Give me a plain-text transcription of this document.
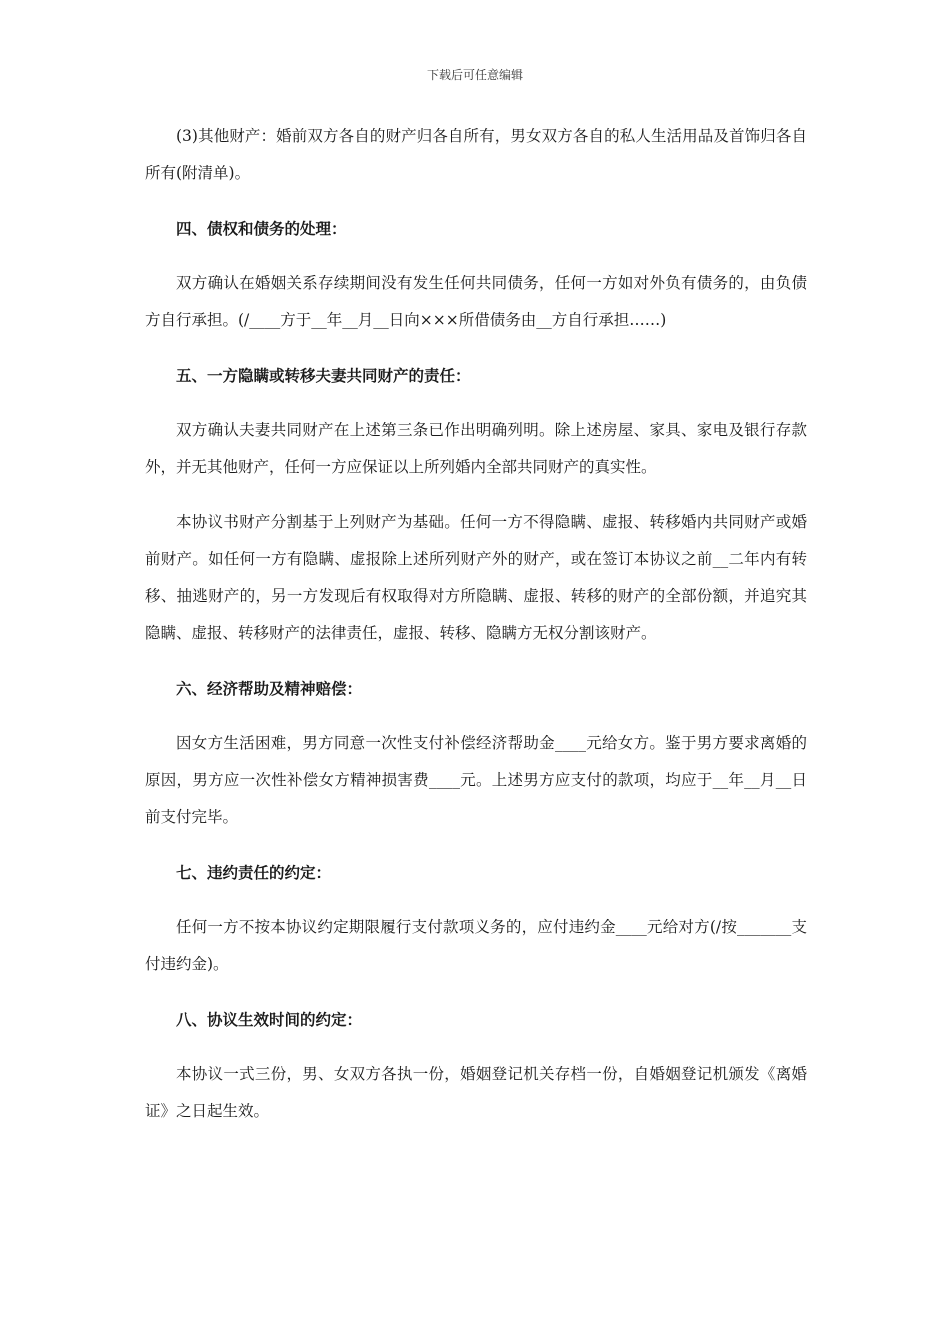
下载后可任意编辑

(3)其他财产：婚前双方各自的财产归各自所有，男女双方各自的私人生活用品及首饰归各自所有(附清单)。

四、债权和债务的处理：

双方确认在婚姻关系存续期间没有发生任何共同债务，任何一方如对外负有债务的，由负债方自行承担。(/____方于__年__月__日向×××所借债务由__方自行承担……)

五、一方隐瞒或转移夫妻共同财产的责任：

双方确认夫妻共同财产在上述第三条已作出明确列明。除上述房屋、家具、家电及银行存款外，并无其他财产，任何一方应保证以上所列婚内全部共同财产的真实性。

本协议书财产分割基于上列财产为基础。任何一方不得隐瞒、虚报、转移婚内共同财产或婚前财产。如任何一方有隐瞒、虚报除上述所列财产外的财产，或在签订本协议之前__二年内有转移、抽逃财产的，另一方发现后有权取得对方所隐瞒、虚报、转移的财产的全部份额，并追究其隐瞒、虚报、转移财产的法律责任，虚报、转移、隐瞒方无权分割该财产。

六、经济帮助及精神赔偿：

因女方生活困难，男方同意一次性支付补偿经济帮助金____元给女方。鉴于男方要求离婚的原因，男方应一次性补偿女方精神损害费____元。上述男方应支付的款项，均应于__年__月__日前支付完毕。

七、违约责任的约定：

任何一方不按本协议约定期限履行支付款项义务的，应付违约金____元给对方(/按_______支付违约金)。

八、协议生效时间的约定：

本协议一式三份，男、女双方各执一份，婚姻登记机关存档一份，自婚姻登记机颁发《离婚证》之日起生效。
